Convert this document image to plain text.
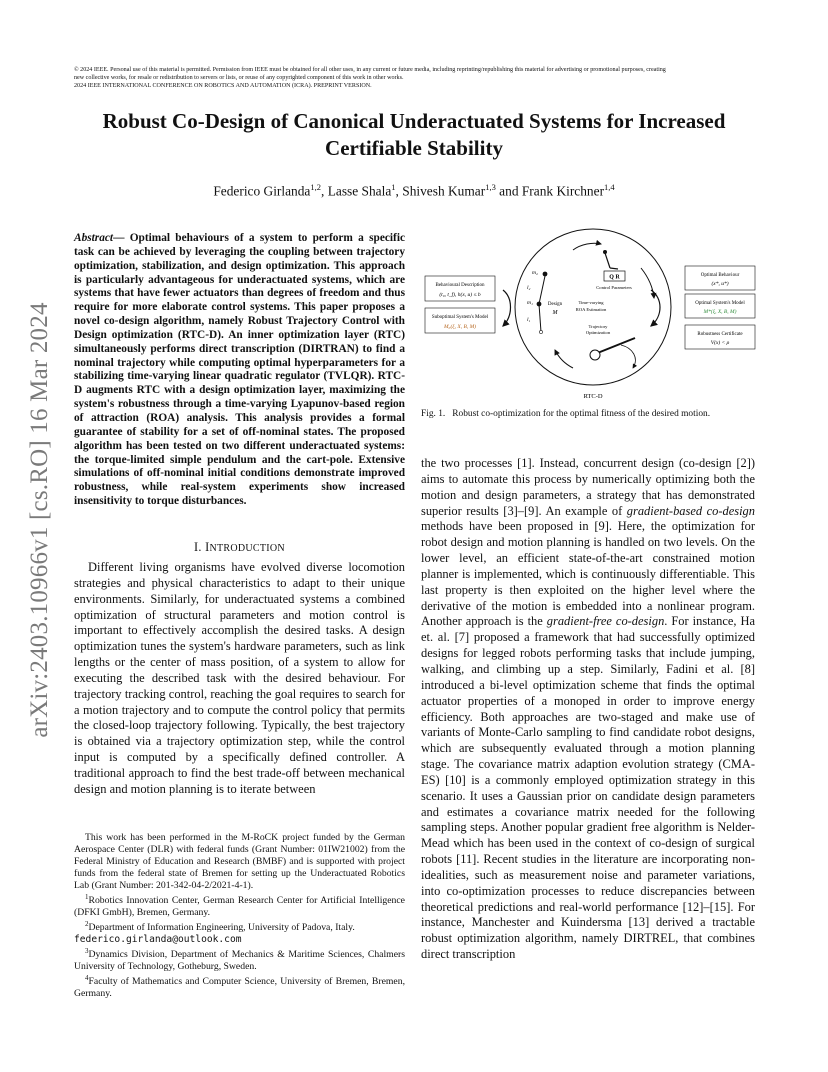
© 2024 IEEE. Personal use of this material is permitted. Permission from IEEE must be obtained for all other uses, in any current or future media, including reprinting/republishing this material for advertising or promotional purposes, creating
new collective works, for resale or redistribution to servers or lists, or reuse of any copyrighted component of this work in other works.
2024 IEEE INTERNATIONAL CONFERENCE ON ROBOTICS AND AUTOMATION (ICRA). PREPRINT VERSION.
arXiv:2403.10966v1 [cs.RO] 16 Mar 2024
Robust Co-Design of Canonical Underactuated Systems for Increased
Certifiable Stability
Federico Girlanda$^{1,2}$, Lasse Shala$^1$, Shivesh Kumar$^{1,3}$ and Frank Kirchner$^{1,4}$

Abstract— Optimal behaviours of a system to perform a specific task can be achieved by leveraging the coupling between trajectory optimization, stabilization, and design optimization. This approach is particularly advantageous for underactuated systems, which are systems that have fewer actuators than degrees of freedom and thus require for more elaborate control systems. This paper proposes a novel co-design algorithm, namely Robust Trajectory Control with Design optimization (RTC-D). An inner optimization layer (RTC) simultaneously performs direct transcription (DIRTRAN) to find a nominal trajectory while computing optimal hyperparameters for a stabilizing time-varying linear quadratic regulator (TVLQR). RTC-D augments RTC with a design optimization layer, maximizing the system's robustness through a time-varying Lyapunov-based region of attraction (ROA) analysis. This analysis provides a formal guarantee of stability for a set of off-nominal states. The proposed algorithm has been tested on two different underactuated systems: the torque-limited simple pendulum and the cart-pole. Extensive simulations of off-nominal initial conditions demonstrate improved robustness, while real-system experiments show increased insensitivity to torque disturbances.

I. INTRODUCTION

Different living organisms have evolved diverse locomotion strategies and physical characteristics to adapt to their unique environments. Similarly, for underactuated systems a combined optimization of structural parameters and motion control is important to effectively accomplish the desired tasks. A design optimization tunes the system's hardware parameters, such as link lengths or the center of mass position, of a system to allow for executing the described task with the desired behaviour. For trajectory tracking control, reaching the goal requires to search for a motion trajectory and to compute the control policy that permits the closed-loop trajectory following. Typically, the best trajectory is obtained via a trajectory optimization step, while the control input is computed by a specifically defined controller. A traditional approach to find the best trade-off between mechanical design and motion planning is to iterate between

This work has been performed in the M-RoCK project funded by the German Aerospace Center (DLR) with federal funds (Grant Number: 01IW21002) from the Federal Ministry of Education and Research (BMBF) and is supported with project funds from the federal state of Bremen for setting up the Underactuated Robotics Lab (Grant Number: 201-342-04-2/2021-4-1).

$^1$Robotics Innovation Center, German Research Center for Artificial Intelligence (DFKI GmbH), Bremen, Germany.

$^2$Department of Information Engineering, University of Padova, Italy.
federico.girlanda@outlook.com

$^3$Dynamics Division, Department of Mechanics & Maritime Sciences, Chalmers University of Technology, Gotheburg, Sweden.

$^4$Faculty of Mathematics and Computer Science, University of Bremen, Bremen, Germany.

Behavioural Description
(t₀, t_f), h(x, u) ≤ b
Suboptimal System's Model
M₀(ξ, X, B, M)
Optimal Behaviour
(x*, u*)
Optimal System's Model
M*(ξ, X, B, M)
Robustness Certificate
V(x) < ρ
m₂
l₂
m₁
l₁
Design
M
Q R
Control Parameters
Time-varying
ROA Estimation
Trajectory
Optimization
RTC-D
Fig. 1. Robust co-optimization for the optimal fitness of the desired motion.

the two processes [1]. Instead, concurrent design (co-design [2]) aims to automate this process by numerically optimizing both the motion and design parameters, a strategy that has demonstrated superior results [3]–[9]. An example of gradient-based co-design methods have been proposed in [9]. Here, the optimization for robot design and motion planning is handled on two levels. On the lower level, an efficient state-of-the-art constrained motion planner is implemented, which is continuously differentiable. This last property is then exploited on the higher level where the derivative of the motion is embedded into a nonlinear program. Another approach is the gradient-free co-design. For instance, Ha et. al. [7] proposed a framework that had successfully optimized designs for legged robots performing tasks that include jumping, walking, and climbing up a step. Similarly, Fadini et al. [8] introduced a bi-level optimization scheme that finds the optimal actuator properties of a monoped in order to improve energy efficiency. Both approaches are two-staged and make use of variants of Monte-Carlo sampling to find candidate robot designs, which are subsequently evaluated through a motion planning stage. The covariance matrix adaption evolution strategy (CMA-ES) [10] is a commonly employed optimization strategy in this scenario. It uses a Gaussian prior on candidate design parameters and estimates a covariance matrix needed for the following sampling steps. Another popular gradient free algorithm is Nelder-Mead which has been used in the context of co-design of surgical robots [11]. Recent studies in the literature are incorporating non-idealities, such as measurement noise and parameter variations, into co-optimization processes to reduce discrepancies between theoretical predictions and real-world performance [12]–[15]. For instance, Manchester and Kuindersma [13] derived a tractable robust optimization algorithm, namely DIRTREL, that combines direct transcription
